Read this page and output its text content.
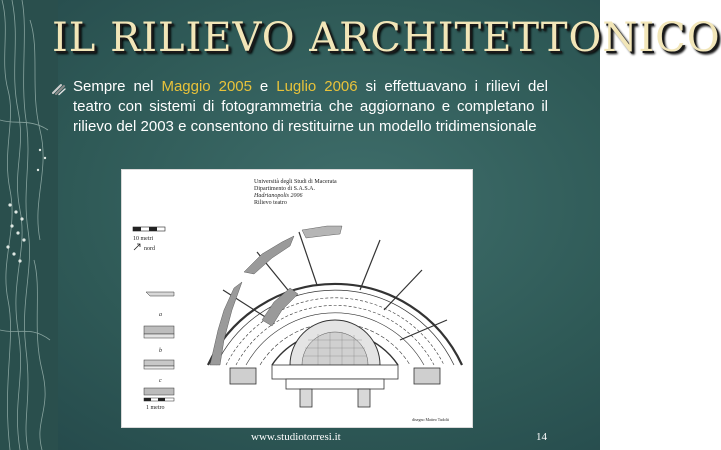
IL RILIEVO ARCHITETTONICO
Sempre nel Maggio 2005 e Luglio 2006 si effettuavano i rilievi del teatro con sistemi di fotogrammetria che aggiornano e completano il rilievo del 2003 e consentono di restituirne un modello tridimensionale
Università degli Studi di Macerata
Dipartimento di S.A.S.A.
Hadrianopolis 2006
Rilievo teatro
10 metri
nord
a
b
c
1 metro
disegno Matteo Tadolti
www.studiotorresi.it	14
